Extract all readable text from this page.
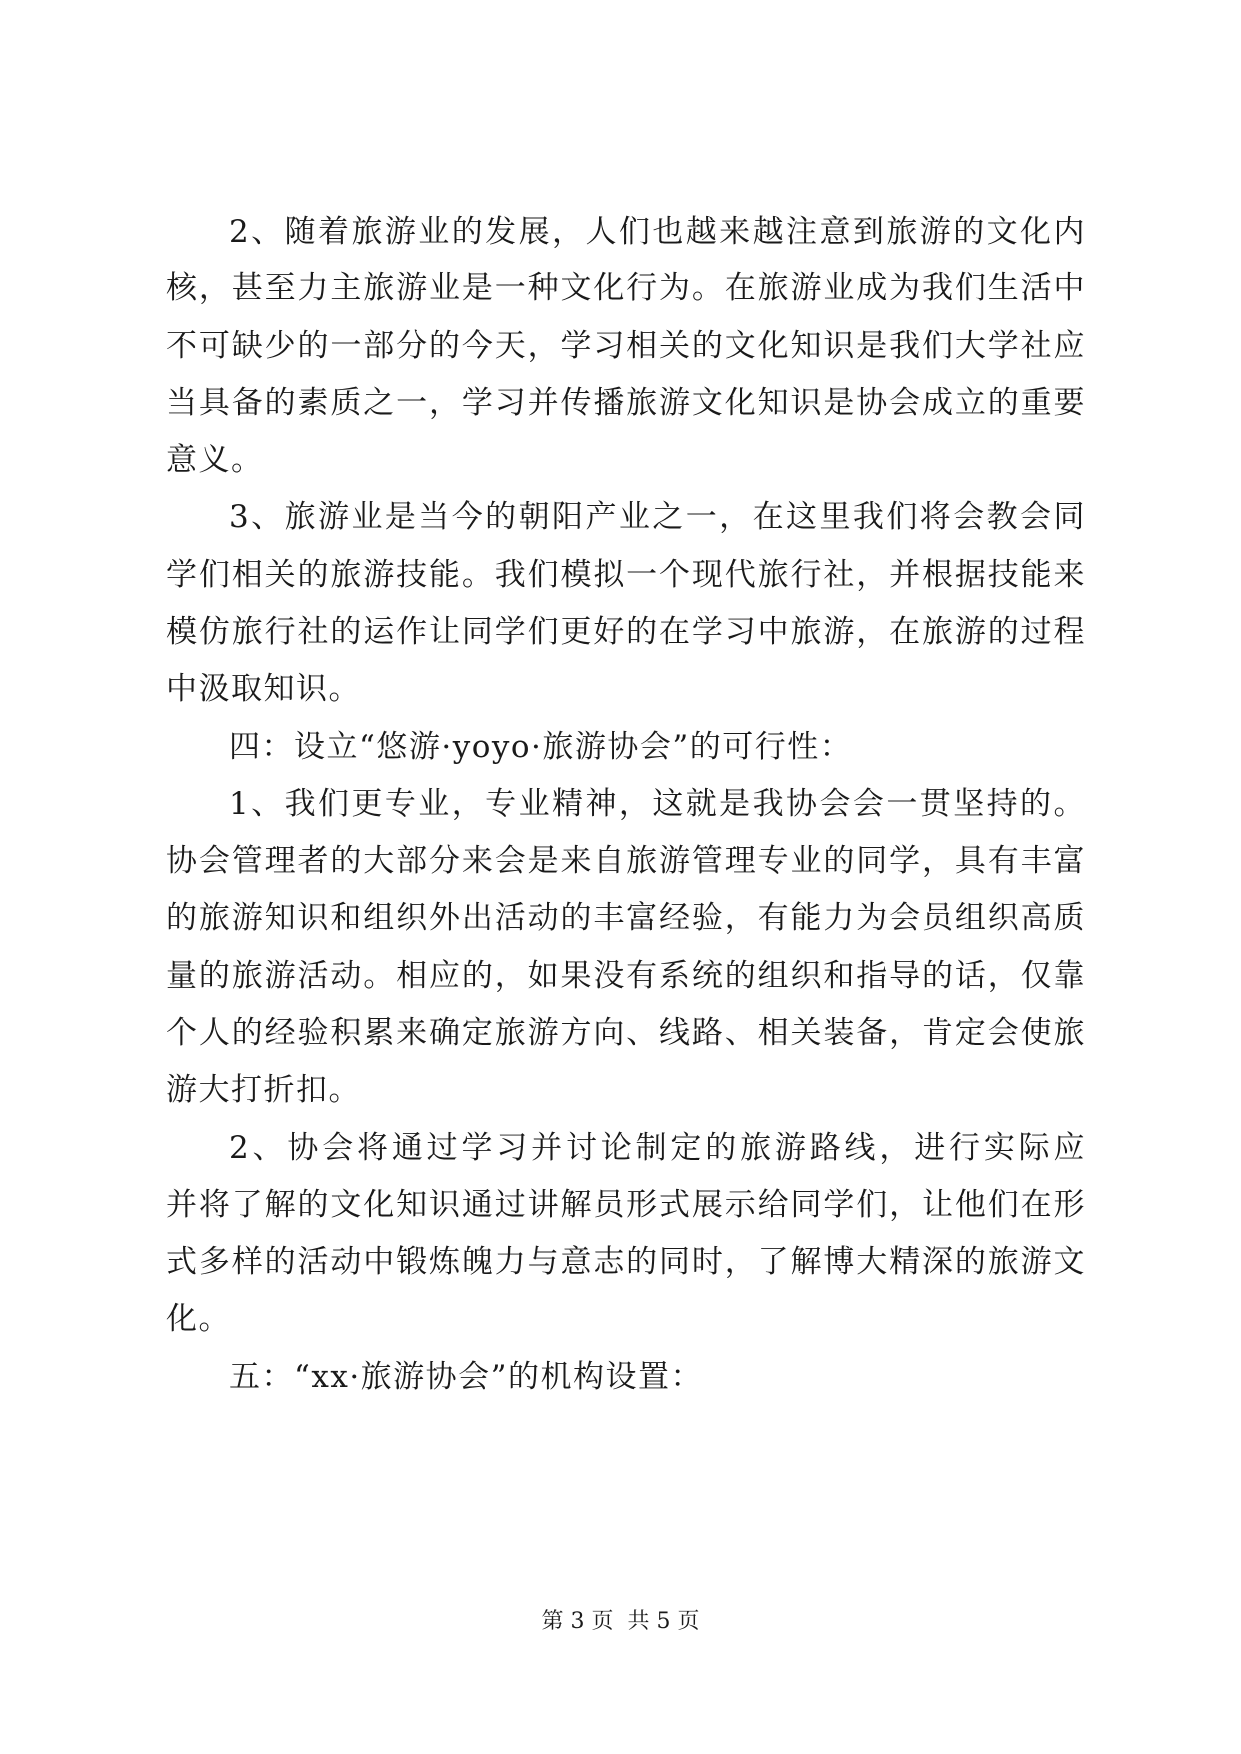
2、随着旅游业的发展，人们也越来越注意到旅游的文化内
核，甚至力主旅游业是一种文化行为。在旅游业成为我们生活中
不可缺少的一部分的今天，学习相关的文化知识是我们大学社应
当具备的素质之一，学习并传播旅游文化知识是协会成立的重要
意义。
3、旅游业是当今的朝阳产业之一，在这里我们将会教会同
学们相关的旅游技能。我们模拟一个现代旅行社，并根据技能来
模仿旅行社的运作让同学们更好的在学习中旅游，在旅游的过程
中汲取知识。
四：设立“悠游·yoyo·旅游协会”的可行性：
1、我们更专业，专业精神，这就是我协会会一贯坚持的。
协会管理者的大部分来会是来自旅游管理专业的同学，具有丰富
的旅游知识和组织外出活动的丰富经验，有能力为会员组织高质
量的旅游活动。相应的，如果没有系统的组织和指导的话，仅靠
个人的经验积累来确定旅游方向、线路、相关装备，肯定会使旅
游大打折扣。
2、协会将通过学习并讨论制定的旅游路线，进行实际应
并将了解的文化知识通过讲解员形式展示给同学们，让他们在形
式多样的活动中锻炼魄力与意志的同时，了解博大精深的旅游文
化。
五：“xx·旅游协会”的机构设置：
第 3 页  共 5 页
